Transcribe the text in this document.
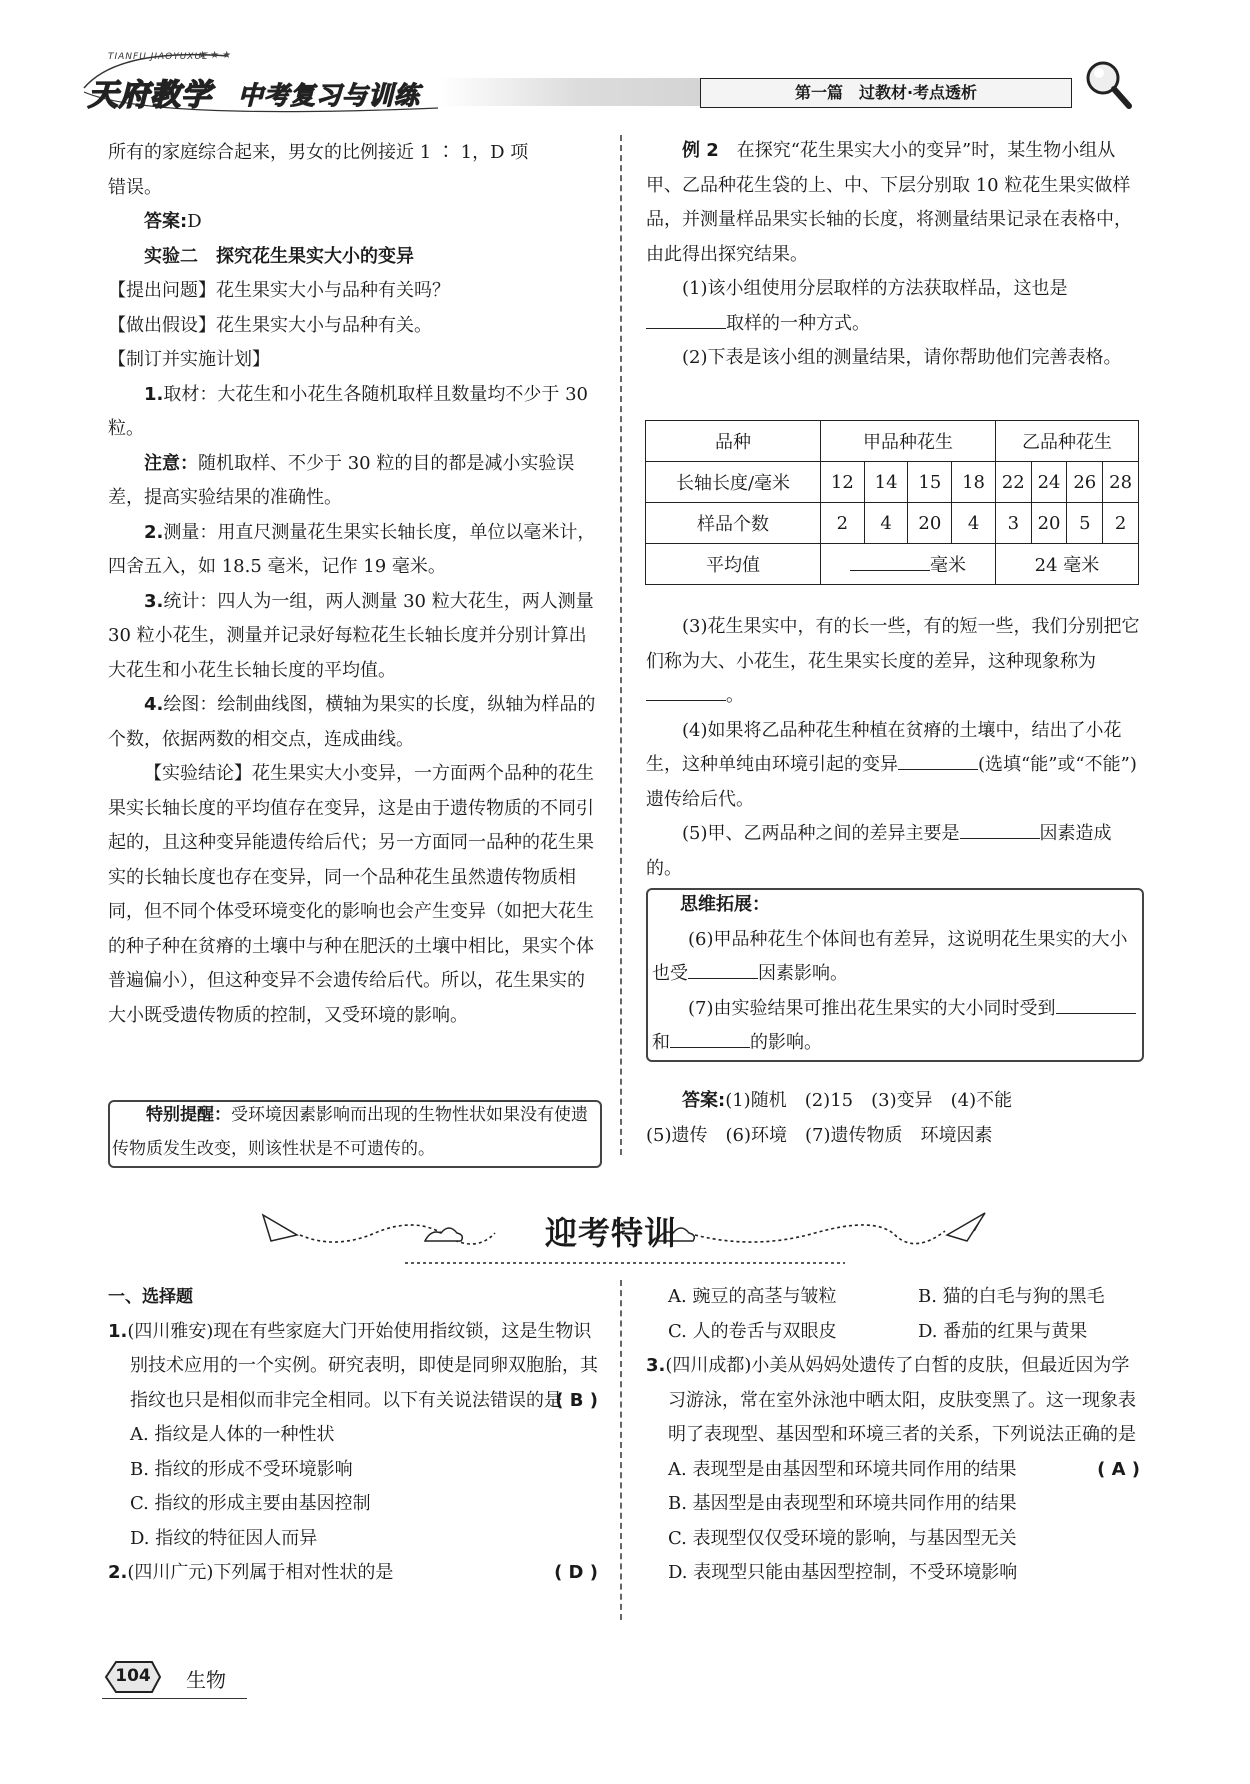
★ ★ ★
TIANFU JIAOYUXUE
天府教学 中考复习与训练	第一篇　过教材·考点透析

所有的家庭综合起来，男女的比例接近 1 ∶ 1，D 项

错误。

答案:D

实验二　探究花生果实大小的变异

【提出问题】花生果实大小与品种有关吗？

【做出假设】花生果实大小与品种有关。

【制订并实施计划】

1.取材：大花生和小花生各随机取样且数量均不少于 30 粒。

注意：随机取样、不少于 30 粒的目的都是减小实验误差，提高实验结果的准确性。

2.测量：用直尺测量花生果实长轴长度，单位以毫米计，四舍五入，如 18.5 毫米，记作 19 毫米。

3.统计：四人为一组，两人测量 30 粒大花生，两人测量 30 粒小花生，测量并记录好每粒花生长轴长度并分别计算出大花生和小花生长轴长度的平均值。

4.绘图：绘制曲线图，横轴为果实的长度，纵轴为样品的个数，依据两数的相交点，连成曲线。

【实验结论】花生果实大小变异，一方面两个品种的花生果实长轴长度的平均值存在变异，这是由于遗传物质的不同引起的，且这种变异能遗传给后代；另一方面同一品种的花生果实的长轴长度也存在变异，同一个品种花生虽然遗传物质相同，但不同个体受环境变化的影响也会产生变异（如把大花生的种子种在贫瘠的土壤中与种在肥沃的土壤中相比，果实个体普遍偏小），但这种变异不会遗传给后代。所以，花生果实的大小既受遗传物质的控制，又受环境的影响。

特别提醒：受环境因素影响而出现的生物性状如果没有使遗传物质发生改变，则该性状是不可遗传的。

例 2　 在探究“花生果实大小的变异”时，某生物小组从甲、乙品种花生袋的上、中、下层分别取 10 粒花生果实做样品，并测量样品果实长轴的长度，将测量结果记录在表格中，由此得出探究结果。

(1)该小组使用分层取样的方法获取样品，这也是取样的一种方式。

(2)下表是该小组的测量结果，请你帮助他们完善表格。

品种	甲品种花生				乙品种花生			
长轴长度/毫米	12	14	15	18	22	24	26	28
样品个数	2	4	20	4	3	20	5	2
平均值	毫米				24 毫米			

(3)花生果实中，有的长一些，有的短一些，我们分别把它们称为大、小花生，花生果实长度的差异，这种现象称为。

(4)如果将乙品种花生种植在贫瘠的土壤中，结出了小花生，这种单纯由环境引起的变异	(选填“能”或“不能”)遗传给后代。

(5)甲、乙两品种之间的差异主要是	因素造成的。

思维拓展：

(6)甲品种花生个体间也有差异，这说明花生果实的大小也受	因素影响。

(7)由实验结果可推出花生果实的大小同时受到和	的影响。

答案:(1)随机　(2)15　(3)变异　(4)不能

(5)遗传　(6)环境　(7)遗传物质　环境因素

迎考特训

一、选择题

1.(四川雅安)现在有些家庭大门开始使用指纹锁，这是生物识别技术应用的一个实例。研究表明，即使是同卵双胞胎，其指纹也只是相似而非完全相同。以下有关说法错误的是
( B )

A. 指纹是人体的一种性状

B. 指纹的形成不受环境影响

C. 指纹的形成主要由基因控制

D. 指纹的特征因人而异

2.(四川广元)下列属于相对性状的是	( D )

A. 豌豆的高茎与皱粒	B. 猫的白毛与狗的黑毛

C. 人的卷舌与双眼皮	D. 番茄的红果与黄果

3.(四川成都)小美从妈妈处遗传了白皙的皮肤，但最近因为学习游泳，常在室外泳池中晒太阳，皮肤变黑了。这一现象表明了表现型、基因型和环境三者的关系，下列说法正确的是
( A )

A. 表现型是由基因型和环境共同作用的结果

B. 基因型是由表现型和环境共同作用的结果

C. 表现型仅仅受环境的影响，与基因型无关

D. 表现型只能由基因型控制，不受环境影响

104 生物
